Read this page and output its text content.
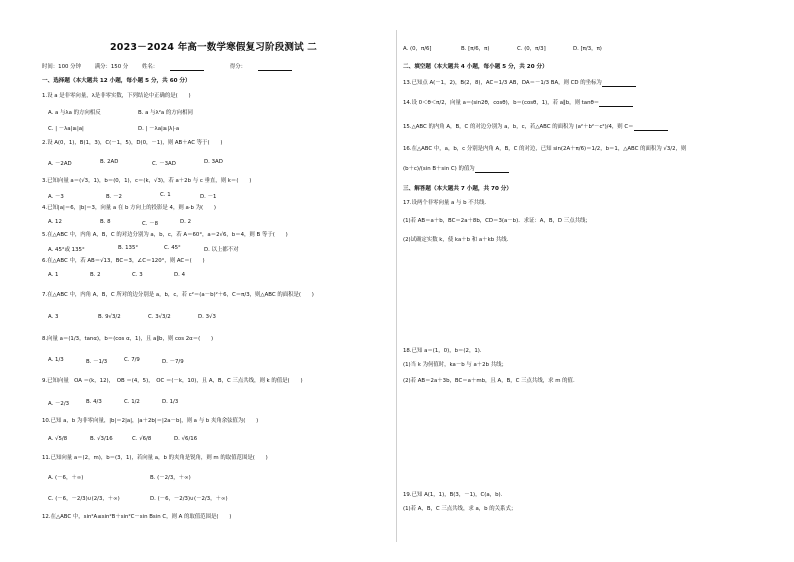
2023－2024 年高一数学寒假复习阶段测试 二
时间：100 分钟	满分：150 分	姓名：	得分：
一、选择题（本大题共 12 小题，每小题 5 分，共 60 分）
1.设 a 是非零向量，λ是非零实数，下列结论中正确的是(　　)
A. a 与λa 的方向相反	B. a 与λ²a 的方向相同
C. | －λa|≥|a|	D. | －λa|≥|λ|·a
2.设 A(0，1)，B(1，3)，C(－1，5)，D(0，－1)，则 AB＋AC 等于(　　)
A. －2AD	B. 2AD	C. －3AD	D. 3AD
3.已知向量 a＝(√3，1)，b＝(0，1)，c＝(k，√3)，若 a＋2b 与 c 垂直，则 k＝(　　)
A. －3	B. －2	C. 1	D. －1
4.已知|a|＝6，|b|＝3，向量 a 在 b 方向上的投影是 4，则 a·b 为(　　)
A. 12	B. 8	C. －8	D. 2
5.在△ABC 中，内角 A，B，C 的对边分别为 a，b，c，若 A＝60°，a＝2√6，b＝4，则 B 等于(　　)
A. 45°或 135°	B. 135°	C. 45°	D. 以上都不对
6.在△ABC 中，若 AB＝√13，BC＝3，∠C＝120°，则 AC＝(　　)
A. 1	B. 2	C. 3	D. 4
7.在△ABC 中，内角 A，B，C 所对的边分别是 a，b，c，若 c²＝(a－b)²＋6，C＝π/3，则△ABC 的面积是(　　)
A. 3	B. 9√3/2	C. 3√3/2	D. 3√3
8.向量 a＝(1/3，tanα)，b＝(cos α，1)，且 a∥b，则 cos 2α＝(　　)
A. 1/3	B. －1/3	C. 7/9	D. －7/9
9.已知向量　OA ＝(k，12)，　OB ＝(4，5)，　OC ＝(－k，10)，且 A，B，C 三点共线，则 k 的值是(　　)
A. －2/3	B. 4/3	C. 1/2	D. 1/3
10.已知 a，b 为非零向量，|b|＝2|a|，|a＋2b|＝|2a－b|，则 a 与 b 夹角余弦值为(　　)
A. √5/8	B. √3/16	C. √6/8	D. √6/16
11.已知向量 a＝(2，m)，b＝(3，1)，若向量 a，b 的夹角是锐角，则 m 的取值范围是(　　)
A. (－6，＋∞)	B. (－2/3，＋∞)
C. (－6，－2/3)∪(2/3，＋∞)	D. (－6，－2/3)∪(－2/3，＋∞)
12.在△ABC 中，sin²A≤sin²B＋sin²C－sin Bsin C，则 A 的取值范围是(　　)
A. (0，π/6]	B. [π/6，π)	C. (0，π/3]	D. [π/3，π)
二、填空题（本大题共 4 小题，每小题 5 分，共 20 分）
13.已知点 A(－1，2)，B(2，8)，AC＝1/3 AB，DA＝－1/3 BA，则 CD 的坐标为
14.设 0＜θ＜π/2，向量 a＝(sin2θ，cosθ)，b＝(cosθ，1)，若 a∥b，则 tanθ＝
15.△ABC 的内角 A，B，C 的对边分别为 a，b，c，若△ABC 的面积为 (a²＋b²－c²)/4，则 C＝
16.在△ABC 中，a，b，c 分别是内角 A，B，C 的对边，已知 sin(2A＋π/6)＝1/2，b＝1，△ABC 的面积为 √3/2，则
(b＋c)/(sin B＋sin C) 的值为
三、解答题（本大题共 7 小题，共 70 分）
17.设两个非零向量 a 与 b 不共线.
(1)若 AB＝a＋b，BC＝2a＋8b，CD＝3(a－b)．求证：A，B，D 三点共线；
(2)试确定实数 k，使 ka＋b 和 a＋kb 共线．
18.已知 a＝(1，0)，b＝(2，1).
(1)当 k 为何值时，ka－b 与 a＋2b 共线；
(2)若 AB＝2a＋3b，BC＝a＋mb，且 A，B，C 三点共线，求 m 的值.
19.已知 A(1，1)，B(3，－1)，C(a，b).
(1)若 A，B，C 三点共线，求 a，b 的关系式；
